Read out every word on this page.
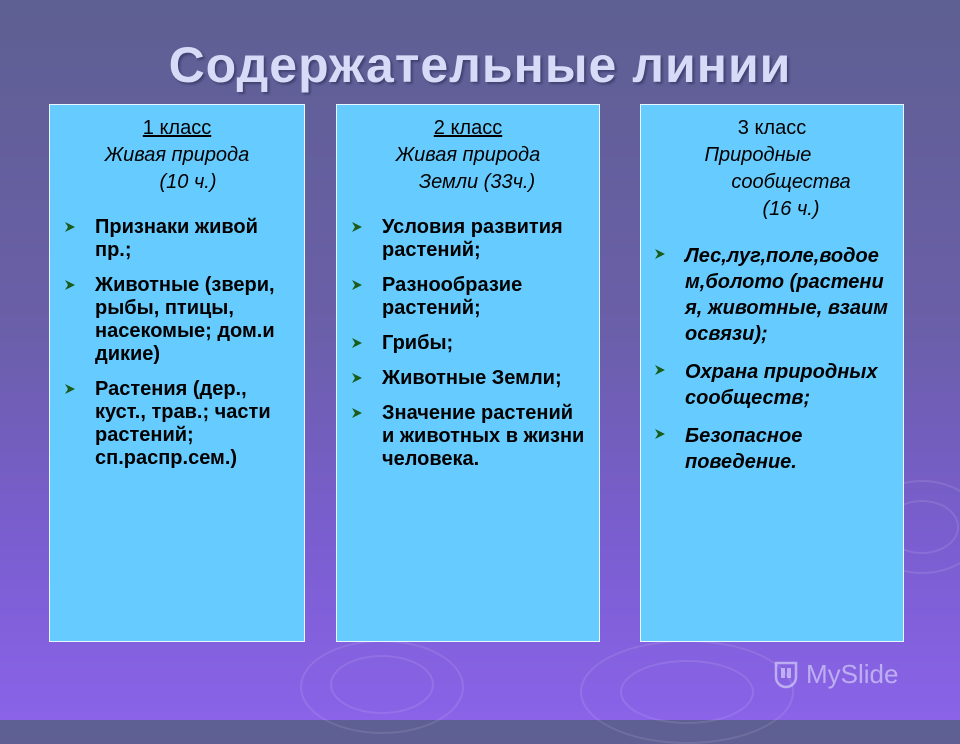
Содержательные линии
1 класс
Живая природа
(10 ч.)
Признаки живой пр.;
Животные (звери, рыбы, птицы, насекомые; дом.и дикие)
Растения (дер., куст., трав.; части растений; сп.распр.сем.)
2 класс
Живая природа
Земли (33ч.)
Условия развития растений;
Разнообразие растений;
Грибы;
Животные Земли;
Значение растений и животных в жизни человека.
3 класс
Природные
сообщества
(16 ч.)
Лес,луг,поле,водоем,болото (растения, животные, взаимосвязи);
Охрана природных сообществ;
Безопасное поведение.
MySlide
